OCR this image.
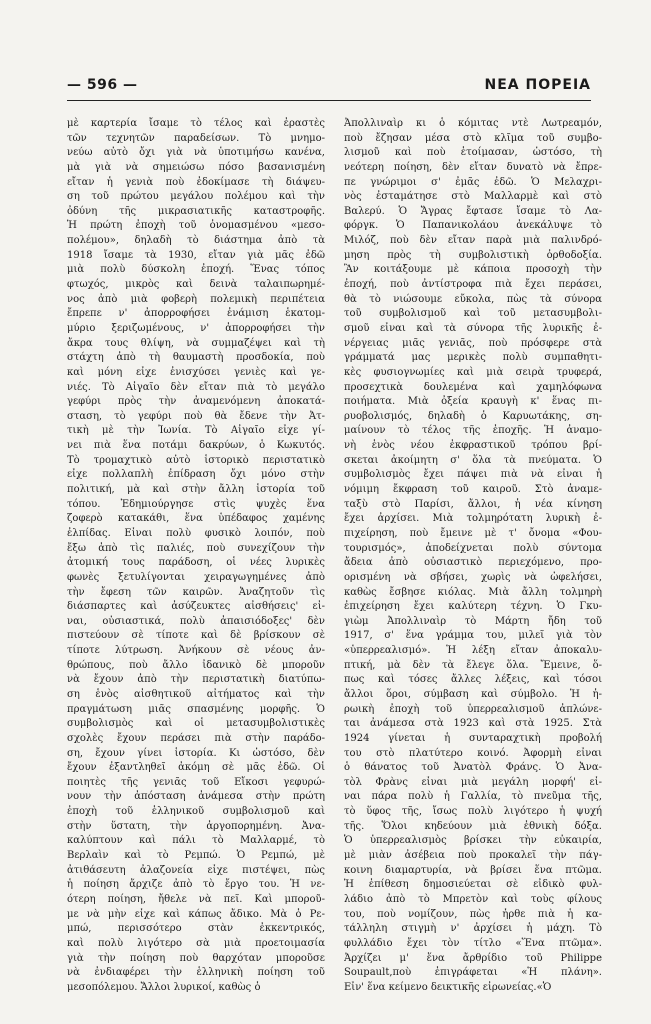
— 596 —	ΝΕΑ ΠΟΡΕΙΑ
μὲ καρτερία ἴσαμε τὸ τέλος καὶ ἐραστὲς
τῶν τεχνητῶν παραδείσων. Τὸ μνημο-
νεύω αὐτὸ ὄχι γιὰ νὰ ὑποτιμήσω κανένα,
μὰ γιὰ νὰ σημειώσω πόσο βασανισμένη
εἴταν ἡ γενιὰ ποὺ ἐδοκίμασε τὴ διάψευ-
ση τοῦ πρώτου μεγάλου πολέμου καὶ τὴν
ὀδύνη τῆς μικρασιατικῆς καταστροφῆς.
Ἡ πρώτη ἐποχὴ τοῦ ὀνομασμένου «μεσο-
πολέμου», δηλαδὴ τὸ διάστημα ἀπὸ τὰ
1918 ἴσαμε τὰ 1930, εἴταν γιὰ μᾶς ἐδῶ
μιὰ πολὺ δύσκολη ἐποχή. Ἕνας τόπος
φτωχός, μικρὸς καὶ δεινὰ ταλαιπωρημέ-
νος ἀπὸ μιὰ φοβερὴ πολεμικὴ περιπέτεια
ἔπρεπε ν' ἀπορροφήσει ἐνάμιση ἑκατομ-
μύριο ξεριζωμένους, ν' ἀπορροφήσει τὴν
ἄκρα τους θλίψη, νὰ συμμαζέψει καὶ τὴ
στάχτη ἀπὸ τὴ θαυμαστὴ προσδοκία, ποὺ
καὶ μόνη εἶχε ἐνισχύσει γενιὲς καὶ γε-
νιές. Τὸ Αἰγαῖο δὲν εἴταν πιὰ τὸ μεγάλο
γεφύρι πρὸς τὴν ἀναμενόμενη ἀποκατά-
σταση, τὸ γεφύρι ποὺ θὰ ἔδενε τὴν Ἀτ-
τικὴ μὲ τὴν Ἰωνία. Τὸ Αἰγαῖο εἶχε γί-
νει πιὰ ἕνα ποτάμι δακρύων, ὁ Κωκυτός.
Τὸ τρομαχτικὸ αὐτὸ ἱστορικὸ περιστατικὸ
εἶχε πολλαπλὴ ἐπίδραση ὄχι μόνο στὴν
πολιτική, μὰ καὶ στὴν ἄλλη ἱστορία τοῦ
τόπου. Ἐδημιούργησε στὶς ψυχὲς ἕνα
ζοφερὸ κατακάθι, ἕνα ὑπέδαφος χαμένης
ἐλπίδας. Εἶναι πολὺ φυσικὸ λοιπόν, ποὺ
ἔξω ἀπὸ τὶς παλιές, ποὺ συνεχίζουν τὴν
ἀτομική τους παράδοση, οἱ νέες λυρικὲς
φωνὲς ξετυλίγονται χειραγωγημένες ἀπὸ
τὴν ἔφεση τῶν καιρῶν. Ἀναζητοῦν τὶς
διάσπαρτες καὶ ἀσύζευκτες αἰσθήσεις' εἰ-
ναι, οὐσιαστικά, πολὺ ἀπαισιόδοξες' δὲν
πιστεύουν σὲ τίποτε καὶ δὲ βρίσκουν σὲ
τίποτε λύτρωση. Ἀνήκουν σὲ νέους ἀν-
θρώπους, ποὺ ἄλλο ἰδανικὸ δὲ μποροῦν
νὰ ἔχουν ἀπὸ τὴν περιστατικὴ διατύπω-
ση ἑνὸς αἰσθητικοῦ αἰτήματος καὶ τὴν
πραγμάτωση μιᾶς σπασμένης μορφῆς. Ὁ
συμβολισμὸς καὶ οἱ μετασυμβολιστικὲς
σχολὲς ἔχουν περάσει πιὰ στὴν παράδο-
ση, ἔχουν γίνει ἱστορία. Κι ὡστόσο, δὲν
ἔχουν ἐξαντληθεῖ ἀκόμη σὲ μᾶς ἐδῶ. Οἱ
ποιητὲς τῆς γενιᾶς τοῦ Εἴκοσι γεφυρώ-
νουν τὴν ἀπόσταση ἀνάμεσα στὴν πρώτη
ἐποχὴ τοῦ ἑλληνικοῦ συμβολισμοῦ καὶ
στὴν ὕστατη, τὴν ἀργοπορημένη. Ἀνα-
καλύπτουν καὶ πάλι τὸ Μαλλαρμέ, τὸ
Βερλαὶν καὶ τὸ Ρεμπώ. Ὁ Ρεμπώ, μὲ
ἀτιθάσευτη ἀλαζονεία εἶχε πιστέψει, πὼς
ἡ ποίηση ἄρχιζε ἀπὸ τὸ ἔργο του. Ἡ νε-
ότερη ποίηση, ἤθελε νὰ πεῖ. Καὶ μποροῦ-
με νὰ μὴν εἶχε καὶ κάπως ἄδικο. Μὰ ὁ Ρε-
μπώ, περισσότερο στὰν ἐκκεντρικός,
καὶ πολὺ λιγότερο σὰ μιὰ προετοιμασία
γιὰ τὴν ποίηση ποὺ θαρχόταν μποροῦσε
νὰ ἐνδιαφέρει τὴν ἑλληνικὴ ποίηση τοῦ
μεσοπόλεμου. Ἄλλοι λυρικοί, καθὼς ὁ
Ἀπολλιναὶρ κι ὁ κόμιτας ντὲ Λωτρεαμόν,
ποὺ ἔζησαν μέσα στὸ κλῖμα τοῦ συμβο-
λισμοῦ καὶ ποὺ ἑτοίμασαν, ὡστόσο, τὴ
νεότερη ποίηση, δὲν εἴταν δυνατὸ νὰ ἔπρε-
πε γνώριμοι σ' ἐμᾶς ἐδῶ. Ὁ Μελαχρι-
νὸς ἐσταμάτησε στὸ Μαλλαρμὲ καὶ στὸ
Βαλερύ. Ὁ Ἄγρας ἔφτασε ἴσαμε τὸ Λα-
φόργκ. Ὁ Παπανικολάου ἀνεκάλυψε τὸ
Μιλόζ, ποὺ δὲν εἴταν παρὰ μιὰ παλινδρό-
μηση πρὸς τὴ συμβολιστικὴ ὀρθοδοξία.
Ἂν κοιτάξουμε μὲ κάποια προσοχὴ τὴν
ἐποχή, ποὺ ἀντίστροφα πιὰ ἔχει περάσει,
θὰ τὸ νιώσουμε εὔκολα, πὼς τὰ σύνορα
τοῦ συμβολισμοῦ καὶ τοῦ μετασυμβολι-
σμοῦ εἶναι καὶ τὰ σύνορα τῆς λυρικῆς ἐ-
νέργειας μιᾶς γενιᾶς, ποὺ πρόσφερε στὰ
γράμματά μας μερικὲς πολὺ συμπαθητι-
κὲς φυσιογνωμίες καὶ μιὰ σειρὰ τρυφερά,
προσεχτικὰ δουλεμένα καὶ χαμηλόφωνα
ποιήματα. Μιὰ ὀξεία κραυγὴ κ' ἕνας πι-
ρυοβολισμός, δηλαδὴ ὁ Καρυωτάκης, ση-
μαίνουν τὸ τέλος τῆς ἐποχῆς. Ἡ ἀναμο-
νὴ ἑνὸς νέου ἐκφραστικοῦ τρόπου βρί-
σκεται ἀκοίμητη σ' ὅλα τὰ πνεύματα. Ὁ
συμβολισμὸς ἔχει πάψει πιὰ νὰ εἶναι ἡ
νόμιμη ἔκφραση τοῦ καιροῦ. Στὸ ἀναμε-
ταξὺ στὸ Παρίσι, ἄλλοι, ἡ νέα κίνηση
ἔχει ἀρχίσει. Μιὰ τολμηρότατη λυρικὴ ἐ-
πιχείρηση, ποὺ ἔμεινε μὲ τ' ὄνομα «Φου-
τουρισμός», ἀποδείχνεται πολὺ σύντομα
ἄδεια ἀπὸ οὐσιαστικὸ περιεχόμενο, προ-
ορισμένη νὰ σβήσει, χωρὶς νὰ ὠφελήσει,
καθὼς ἔσβησε κιόλας. Μιὰ ἄλλη τολμηρὴ
ἐπιχείρηση ἔχει καλύτερη τέχνη. Ὁ Γκυ-
γιὼμ Ἀπολλιναὶρ τὸ Μάρτη ἤδη τοῦ
1917, σ' ἕνα γράμμα του, μιλεῖ γιὰ τὸν
«ὑπερρεαλισμό». Ἡ λέξη εἴταν ἀποκαλυ-
πτική, μὰ δὲν τὰ ἔλεγε ὅλα. Ἔμεινε, ὅ-
πως καὶ τόσες ἄλλες λέξεις, καὶ τόσοι
ἄλλοι ὅροι, σύμβαση καὶ σύμβολο. Ἡ ἡ-
ρωικὴ ἐποχὴ τοῦ ὑπερρεαλισμοῦ ἀπλώνε-
ται ἀνάμεσα στὰ 1923 καὶ στὰ 1925. Στὰ
1924 γίνεται ἡ συνταραχτικὴ προβολή
του στὸ πλατύτερο κοινό. Ἀφορμὴ εἶναι
ὁ θάνατος τοῦ Ἀνατὸλ Φράνς. Ὁ Ἀνα-
τὸλ Φρὰνς εἶναι μιὰ μεγάλη μορφή' εἶ-
ναι πάρα πολὺ ἡ Γαλλία, τὸ πνεῦμα τῆς,
τὸ ὕφος τῆς, ἴσως πολὺ λιγότερο ἡ ψυχή
τῆς. Ὅλοι κηδεύουν μιὰ ἐθνικὴ δόξα.
Ὁ ὑπερρεαλισμὸς βρίσκει τὴν εὐκαιρία,
μὲ μιὰν ἀσέβεια ποὺ προκαλεῖ τὴν πάγ-
κοινη διαμαρτυρία, νὰ βρίσει ἕνα πτῶμα.
Ἡ ἐπίθεση δημοσιεύεται σὲ εἰδικὸ φυλ-
λάδιο ἀπὸ τὸ Μπρετὸν καὶ τοὺς φίλους
του, ποὺ νομίζουν, πὼς ἦρθε πιὰ ἡ κα-
τάλληλη στιγμὴ ν' ἀρχίσει ἡ μάχη. Τὸ
φυλλάδιο ἔχει τὸν τίτλο «Ἕνα πτῶμα».
Ἀρχίζει μ' ἕνα ἄρθρίδιο τοῦ Philippe
Soupault,ποὺ ἐπιγράφεται «Ἡ πλάνη».
Εἶν' ἕνα κείμενο δεικτικῆς εἰρωνείας.«Ὁ
